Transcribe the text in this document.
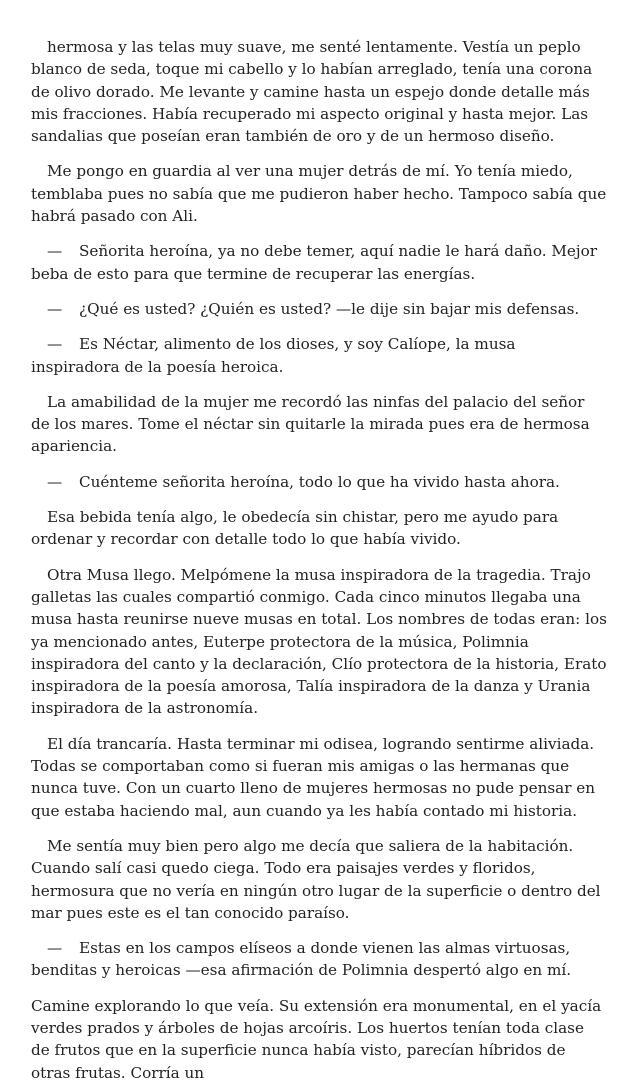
hermosa y las telas muy suave, me senté lentamente. Vestía un peplo blanco de seda, toque mi cabello y lo habían arreglado, tenía una corona de olivo dorado. Me levante y camine hasta un espejo donde detalle más mis fracciones. Había recuperado mi aspecto original y hasta mejor. Las sandalias que poseían eran también de oro y de un hermoso diseño.

Me pongo en guardia al ver una mujer detrás de mí. Yo tenía miedo, temblaba pues no sabía que me pudieron haber hecho. Tampoco sabía que habrá pasado con Ali.

— Señorita heroína, ya no debe temer, aquí nadie le hará daño. Mejor beba de esto para que termine de recuperar las energías.

— ¿Qué es usted? ¿Quién es usted? —le dije sin bajar mis defensas.

— Es Néctar, alimento de los dioses, y soy Calíope, la musa inspiradora de la poesía heroica.

La amabilidad de la mujer me recordó las ninfas del palacio del señor de los mares. Tome el néctar sin quitarle la mirada pues era de hermosa apariencia.

— Cuénteme señorita heroína, todo lo que ha vivido hasta ahora.

Esa bebida tenía algo, le obedecía sin chistar, pero me ayudo para ordenar y recordar con detalle todo lo que había vivido.

Otra Musa llego. Melpómene la musa inspiradora de la tragedia. Trajo galletas las cuales compartió conmigo. Cada cinco minutos llegaba una musa hasta reunirse nueve musas en total. Los nombres de todas eran: los ya mencionado antes, Euterpe protectora de la música, Polimnia inspiradora del canto y la declaración, Clío protectora de la historia, Erato inspiradora de la poesía amorosa, Talía inspiradora de la danza y Urania inspiradora de la astronomía.

El día trancaría. Hasta terminar mi odisea, logrando sentirme aliviada. Todas se comportaban como si fueran mis amigas o las hermanas que nunca tuve. Con un cuarto lleno de mujeres hermosas no pude pensar en que estaba haciendo mal, aun cuando ya les había contado mi historia.

Me sentía muy bien pero algo me decía que saliera de la habitación. Cuando salí casi quedo ciega. Todo era paisajes verdes y floridos, hermosura que no vería en ningún otro lugar de la superficie o dentro del mar pues este es el tan conocido paraíso.

— Estas en los campos elíseos a donde vienen las almas virtuosas, benditas y heroicas —esa afirmación de Polimnia despertó algo en mí.

Camine explorando lo que veía. Su extensión era monumental, en el yacía verdes prados y árboles de hojas arcoíris. Los huertos tenían toda clase de frutos que en la superficie nunca había visto, parecían híbridos de otras frutas. Corría un
